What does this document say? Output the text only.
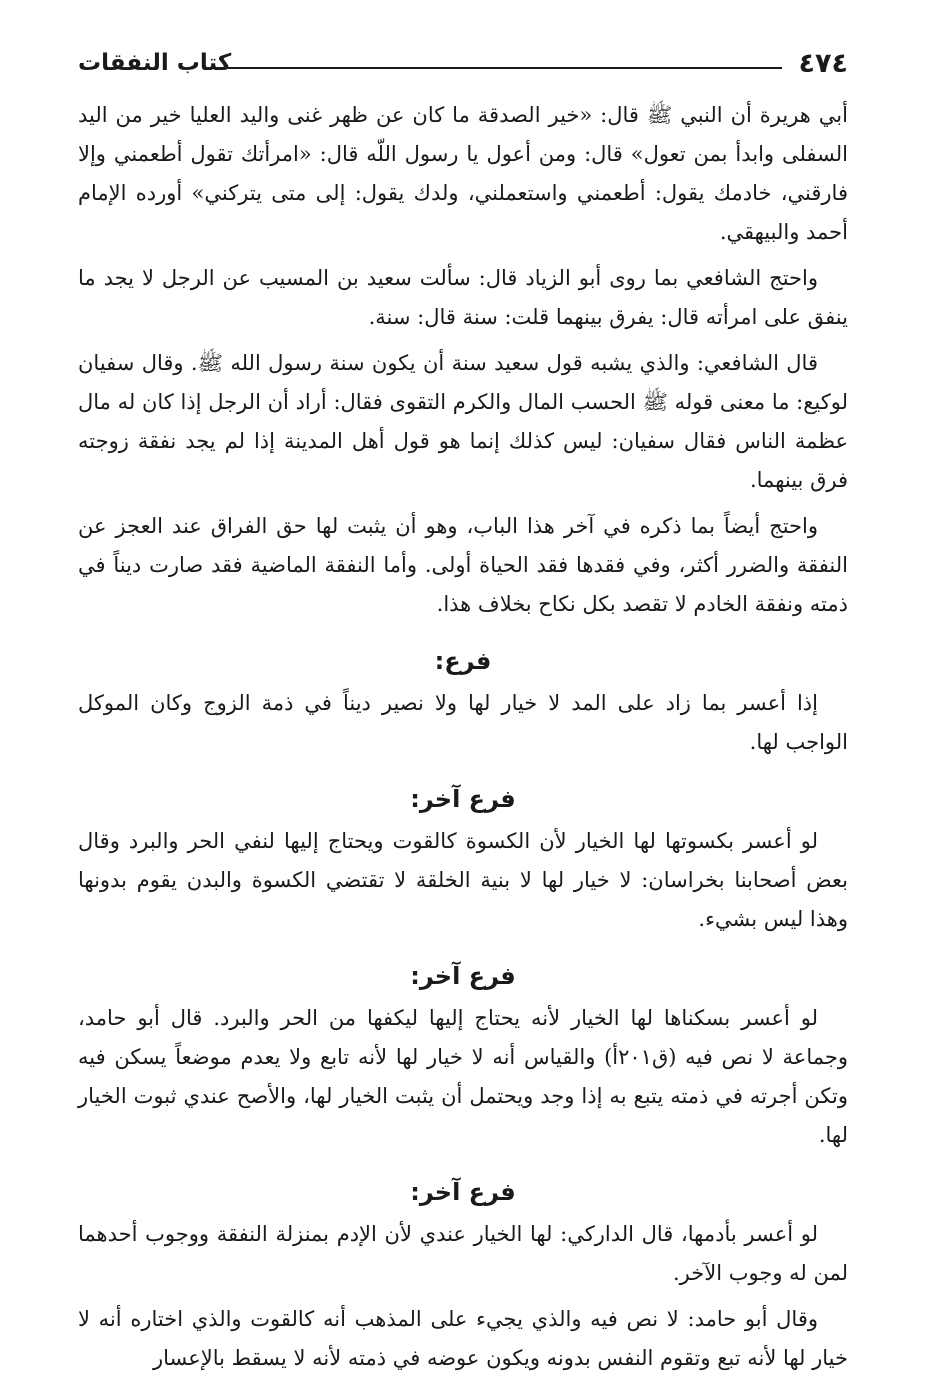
كتاب النفقات	٤٧٤

أبي هريرة أن النبي ﷺ قال: «خير الصدقة ما كان عن ظهر غنى واليد العليا خير من اليد السفلى وابدأ بمن تعول» قال: ومن أعول يا رسول اللّه قال: «امرأتك تقول أطعمني وإلا فارقني، خادمك يقول: أطعمني واستعملني، ولدك يقول: إلى متى يتركني» أورده الإمام أحمد والبيهقي.

واحتج الشافعي بما روى أبو الزياد قال: سألت سعيد بن المسيب عن الرجل لا يجد ما ينفق على امرأته قال: يفرق بينهما قلت: سنة قال: سنة.

قال الشافعي: والذي يشبه قول سعيد سنة أن يكون سنة رسول الله ﷺ. وقال سفيان لوكيع: ما معنى قوله ﷺ الحسب المال والكرم التقوى فقال: أراد أن الرجل إذا كان له مال عظمة الناس فقال سفيان: ليس كذلك إنما هو قول أهل المدينة إذا لم يجد نفقة زوجته فرق بينهما.

واحتج أيضاً بما ذكره في آخر هذا الباب، وهو أن يثبت لها حق الفراق عند العجز عن النفقة والضرر أكثر، وفي فقدها فقد الحياة أولى. وأما النفقة الماضية فقد صارت ديناً في ذمته ونفقة الخادم لا تقصد بكل نكاح بخلاف هذا.

فرع:

إذا أعسر بما زاد على المد لا خيار لها ولا نصير ديناً في ذمة الزوج وكان الموكل الواجب لها.

فرع آخر:

لو أعسر بكسوتها لها الخيار لأن الكسوة كالقوت ويحتاج إليها لنفي الحر والبرد وقال بعض أصحابنا بخراسان: لا خيار لها لا بنية الخلقة لا تقتضي الكسوة والبدن يقوم بدونها وهذا ليس بشيء.

فرع آخر:

لو أعسر بسكناها لها الخيار لأنه يحتاج إليها ليكفها من الحر والبرد. قال أبو حامد، وجماعة لا نص فيه (ق٢٠١أ) والقياس أنه لا خيار لها لأنه تابع ولا يعدم موضعاً يسكن فيه وتكن أجرته في ذمته يتبع به إذا وجد ويحتمل أن يثبت الخيار لها، والأصح عندي ثبوت الخيار لها.

فرع آخر:

لو أعسر بأدمها، قال الداركي: لها الخيار عندي لأن الإدم بمنزلة النفقة ووجوب أحدهما لمن له وجوب الآخر.

وقال أبو حامد: لا نص فيه والذي يجيء على المذهب أنه كالقوت والذي اختاره أنه لا خيار لها لأنه تبع وتقوم النفس بدونه ويكون عوضه في ذمته لأنه لا يسقط بالإعسار
